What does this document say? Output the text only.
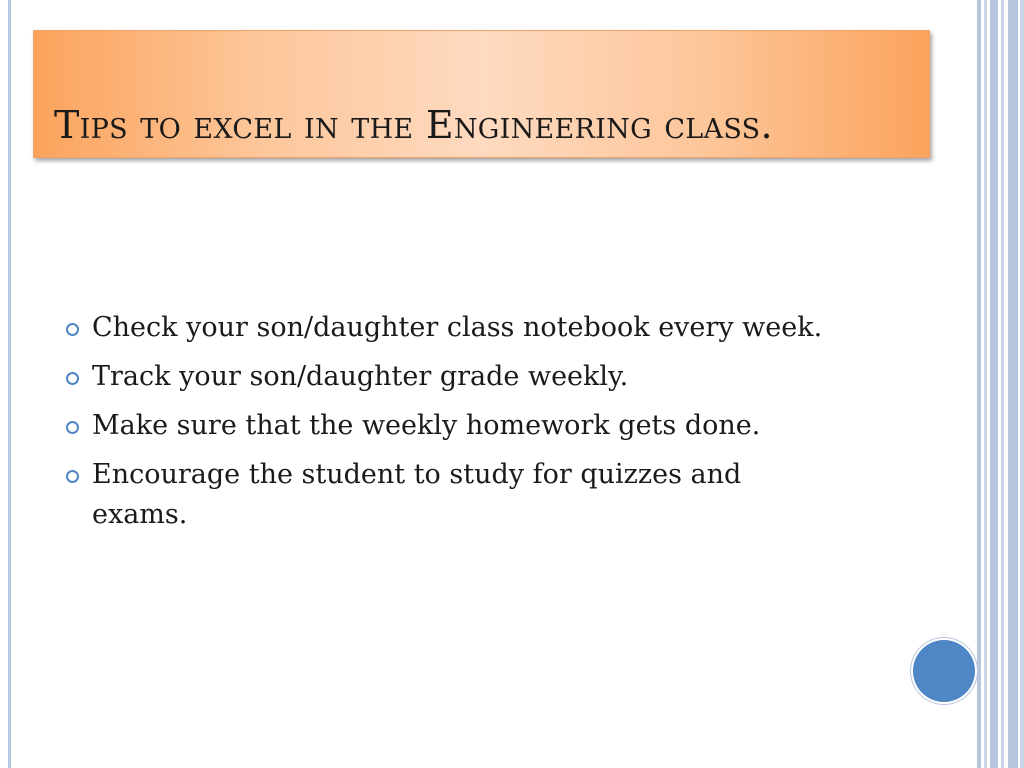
Tips to excel in the Engineering class.
Check your son/daughter class notebook every week.
Track your son/daughter grade weekly.
Make sure that the weekly homework gets done.
Encourage the student to study for quizzes and exams.
